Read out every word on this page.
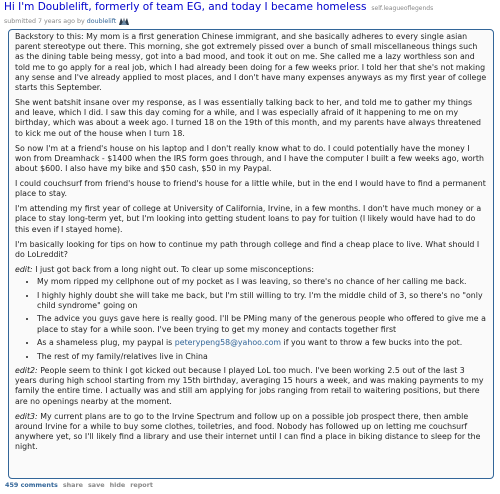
Hi I'm Doublelift, formerly of team EG, and today I became homeless self.leagueoflegends
submitted 7 years ago by doublelift

Backstory to this: My mom is a first generation Chinese immigrant, and she basically adheres to every single asian parent stereotype out there. This morning, she got extremely pissed over a bunch of small miscellaneous things such as the dining table being messy, got into a bad mood, and took it out on me. She called me a lazy worthless son and told me to go apply for a real job, which I had already been doing for a few weeks prior. I told her that she's not making any sense and I've already applied to most places, and I don't have many expenses anyways as my first year of college starts this September.

She went batshit insane over my response, as I was essentially talking back to her, and told me to gather my things and leave, which I did. I saw this day coming for a while, and I was especially afraid of it happening to me on my birthday, which was about a week ago. I turned 18 on the 19th of this month, and my parents have always threatened to kick me out of the house when I turn 18.

So now I'm at a friend's house on his laptop and I don't really know what to do. I could potentially have the money I won from Dreamhack - $1400 when the IRS form goes through, and I have the computer I built a few weeks ago, worth about $600. I also have my bike and $50 cash, $50 in my Paypal.

I could couchsurf from friend's house to friend's house for a little while, but in the end I would have to find a permanent place to stay.

I'm attending my first year of college at University of California, Irvine, in a few months. I don't have much money or a place to stay long-term yet, but I'm looking into getting student loans to pay for tuition (I likely would have had to do this even if I stayed home).

I'm basically looking for tips on how to continue my path through college and find a cheap place to live. What should I do LoLreddit?

edit: I just got back from a long night out. To clear up some misconceptions:

• My mom ripped my cellphone out of my pocket as I was leaving, so there's no chance of her calling me back.
• I highly highly doubt she will take me back, but I'm still willing to try. I'm the middle child of 3, so there's no "only child syndrome" going on
• The advice you guys gave here is really good. I'll be PMing many of the generous people who offered to give me a place to stay for a while soon. I've been trying to get my money and contacts together first
• As a shameless plug, my paypal is peterypeng58@yahoo.com if you want to throw a few bucks into the pot.
• The rest of my family/relatives live in China

edit2: People seem to think I got kicked out because I played LoL too much. I've been working 2.5 out of the last 3 years during high school starting from my 15th birthday, averaging 15 hours a week, and was making payments to my family the entire time. I actually was and still am applying for jobs ranging from retail to waitering positions, but there are no openings nearby at the moment.

edit3: My current plans are to go to the Irvine Spectrum and follow up on a possible job prospect there, then amble around Irvine for a while to buy some clothes, toiletries, and food. Nobody has followed up on letting me couchsurf anywhere yet, so I'll likely find a library and use their internet until I can find a place in biking distance to sleep for the night.

459 comments share save hide report
